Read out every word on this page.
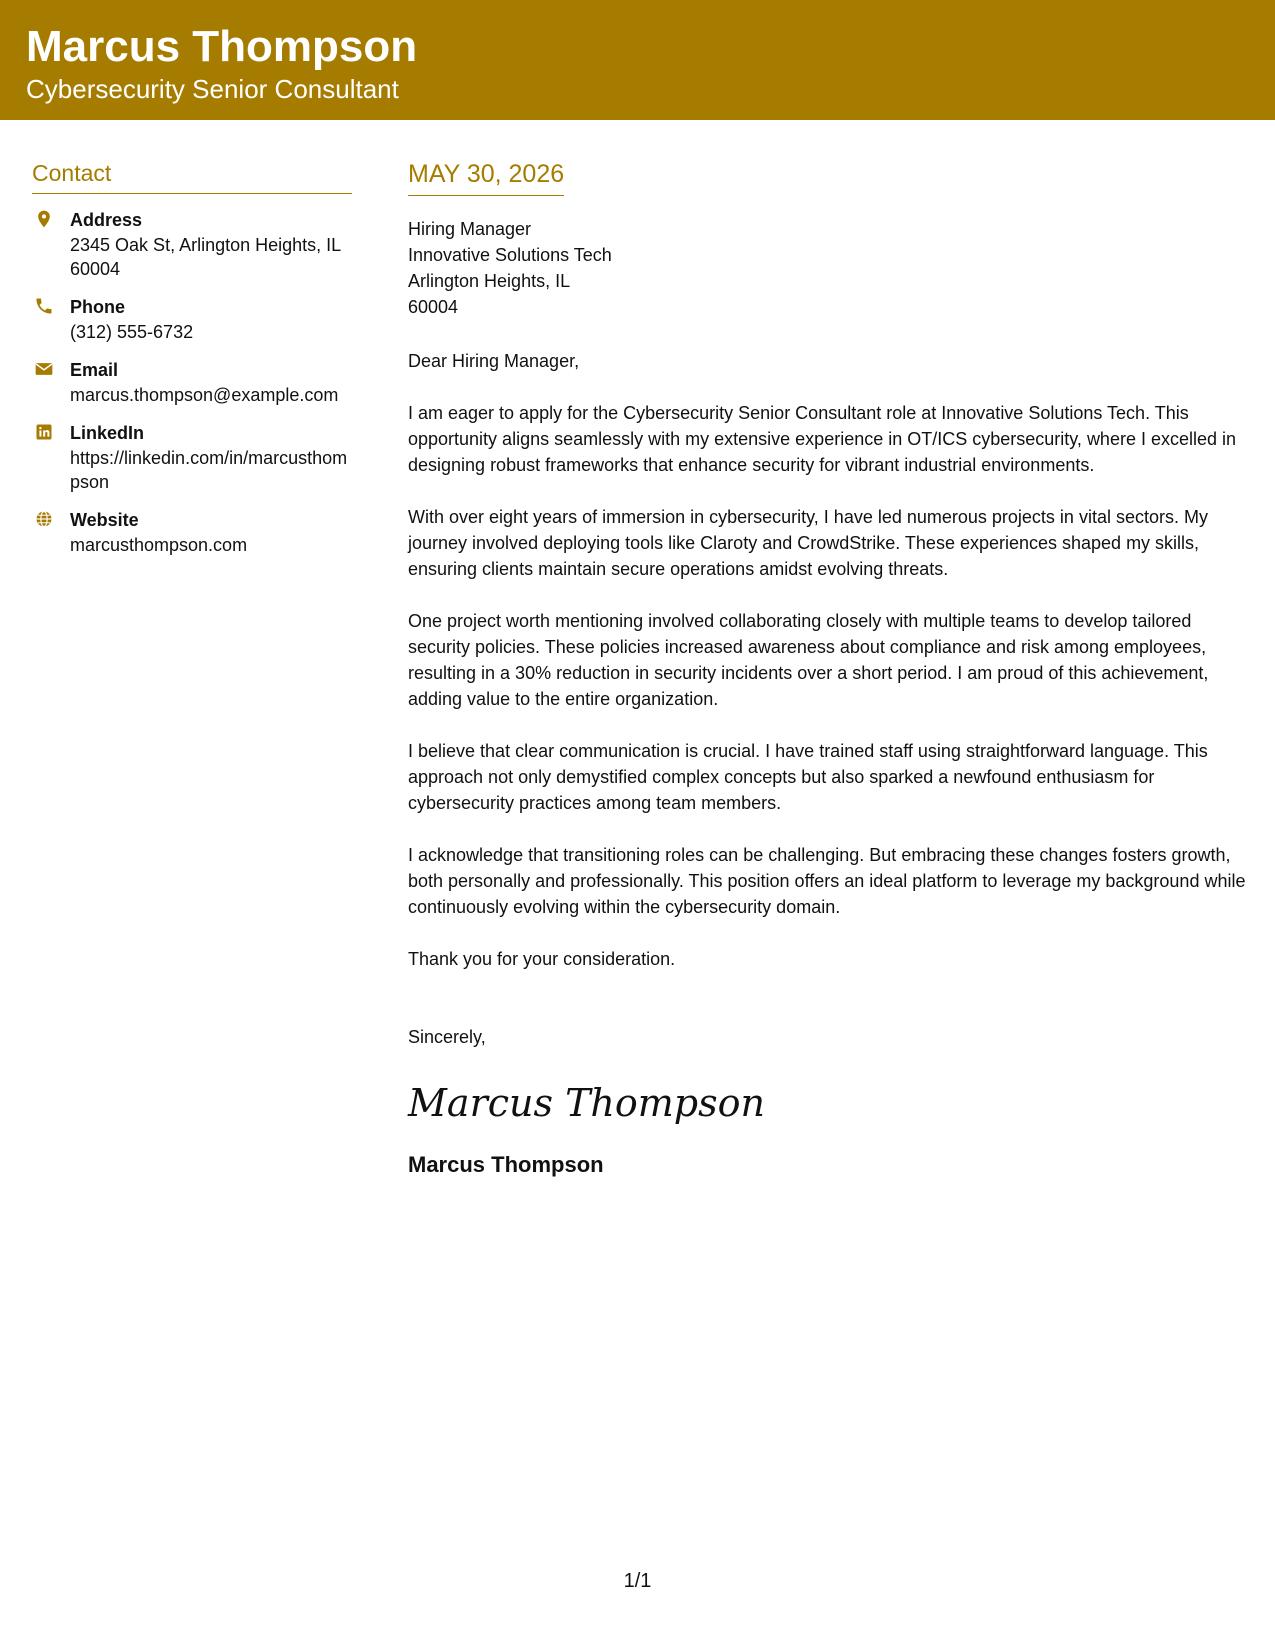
Marcus Thompson
Cybersecurity Senior Consultant
Contact
Address
2345 Oak St, Arlington Heights, IL 60004
Phone
(312) 555-6732
Email
marcus.thompson@example.com
LinkedIn
https://linkedin.com/in/marcusthompson
Website
marcusthompson.com
MAY 30, 2026
Hiring Manager
Innovative Solutions Tech
Arlington Heights, IL
60004
Dear Hiring Manager,
I am eager to apply for the Cybersecurity Senior Consultant role at Innovative Solutions Tech. This opportunity aligns seamlessly with my extensive experience in OT/ICS cybersecurity, where I excelled in designing robust frameworks that enhance security for vibrant industrial environments.
With over eight years of immersion in cybersecurity, I have led numerous projects in vital sectors. My journey involved deploying tools like Claroty and CrowdStrike. These experiences shaped my skills, ensuring clients maintain secure operations amidst evolving threats.
One project worth mentioning involved collaborating closely with multiple teams to develop tailored security policies. These policies increased awareness about compliance and risk among employees, resulting in a 30% reduction in security incidents over a short period. I am proud of this achievement, adding value to the entire organization.
I believe that clear communication is crucial. I have trained staff using straightforward language. This approach not only demystified complex concepts but also sparked a newfound enthusiasm for cybersecurity practices among team members.
I acknowledge that transitioning roles can be challenging. But embracing these changes fosters growth, both personally and professionally. This position offers an ideal platform to leverage my background while continuously evolving within the cybersecurity domain.
Thank you for your consideration.
Sincerely,
Marcus Thompson
Marcus Thompson
1/1
